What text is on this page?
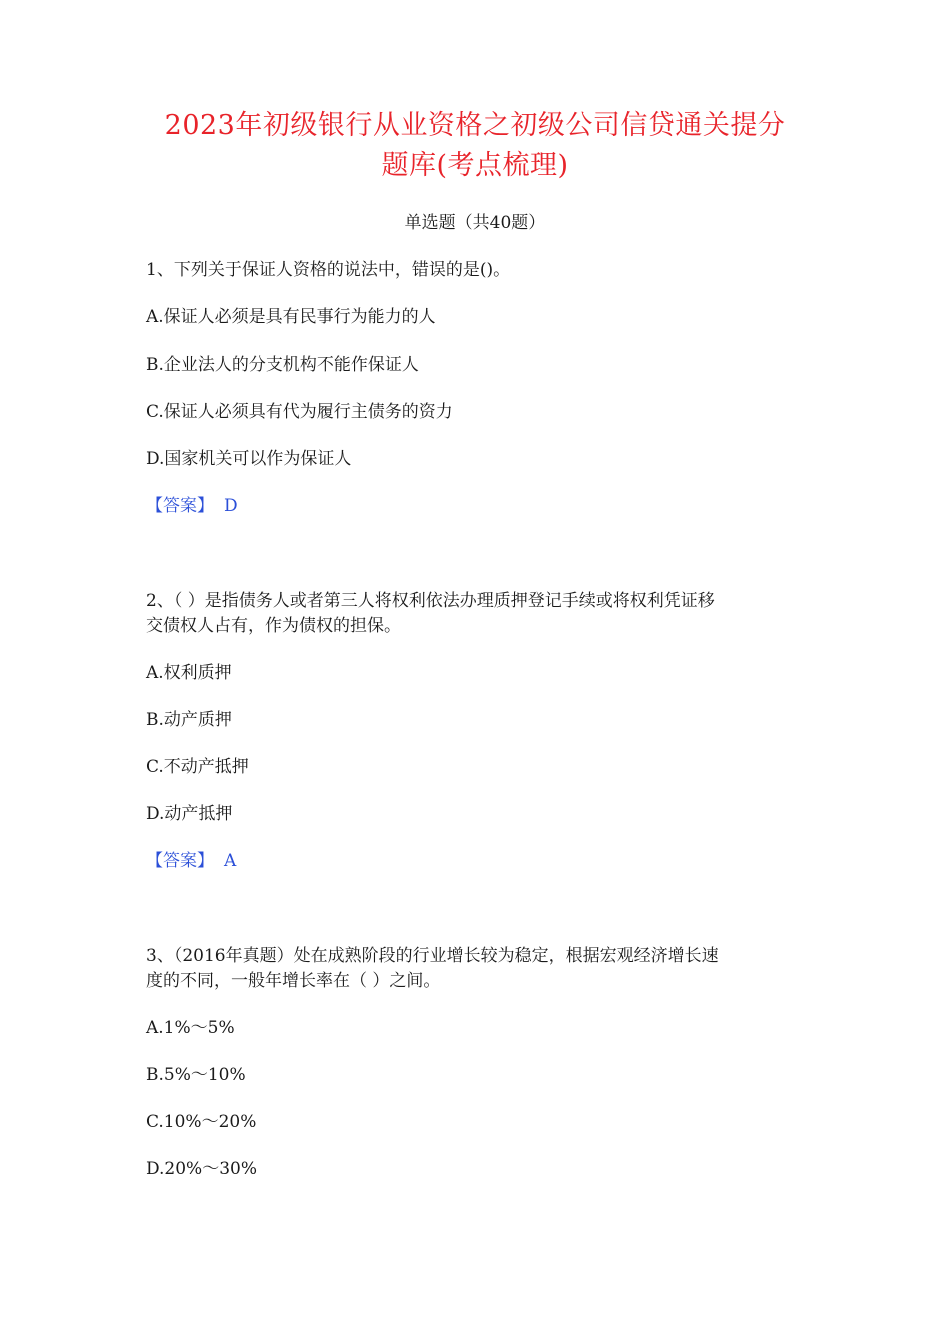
2023年初级银行从业资格之初级公司信贷通关提分
题库(考点梳理)
单选题（共40题）
1、下列关于保证人资格的说法中，错误的是()。
A.保证人必须是具有民事行为能力的人
B.企业法人的分支机构不能作保证人
C.保证人必须具有代为履行主债务的资力
D.国家机关可以作为保证人
【答案】 D
2、（ ）是指债务人或者第三人将权利依法办理质押登记手续或将权利凭证移
交债权人占有，作为债权的担保。
A.权利质押
B.动产质押
C.不动产抵押
D.动产抵押
【答案】 A
3、（2016年真题）处在成熟阶段的行业增长较为稳定，根据宏观经济增长速
度的不同，一般年增长率在（ ）之间。
A.1%～5%
B.5%～10%
C.10%～20%
D.20%～30%
